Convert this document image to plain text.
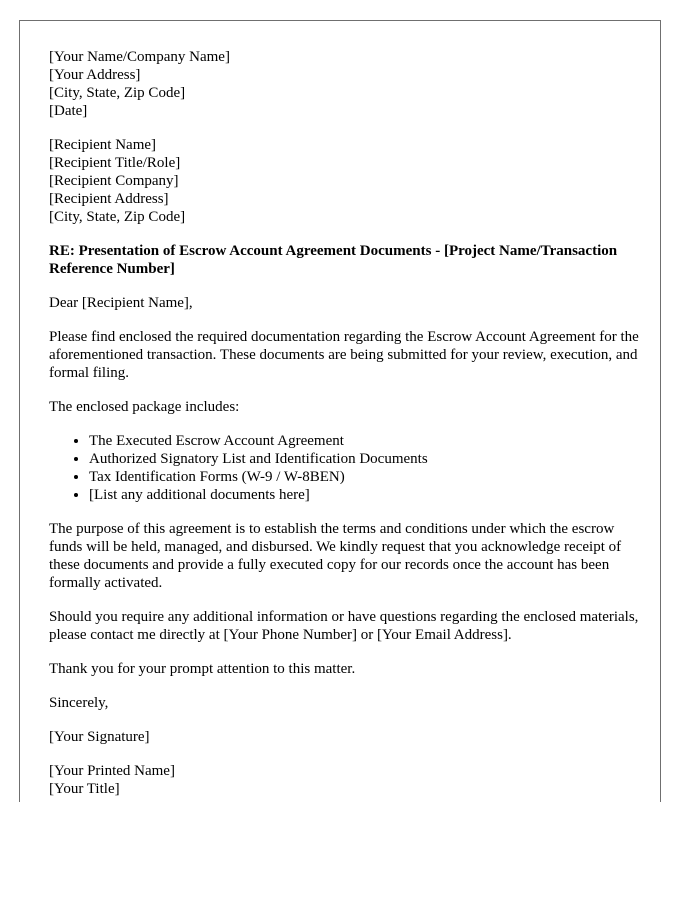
[Your Name/Company Name]
[Your Address]
[City, State, Zip Code]
[Date]
[Recipient Name]
[Recipient Title/Role]
[Recipient Company]
[Recipient Address]
[City, State, Zip Code]
RE: Presentation of Escrow Account Agreement Documents - [Project Name/Transaction Reference Number]

Dear [Recipient Name],

Please find enclosed the required documentation regarding the Escrow Account Agreement for the aforementioned transaction. These documents are being submitted for your review, execution, and formal filing.

The enclosed package includes:

• The Executed Escrow Account Agreement
• Authorized Signatory List and Identification Documents
• Tax Identification Forms (W-9 / W-8BEN)
• [List any additional documents here]

The purpose of this agreement is to establish the terms and conditions under which the escrow funds will be held, managed, and disbursed. We kindly request that you acknowledge receipt of these documents and provide a fully executed copy for our records once the account has been formally activated.

Should you require any additional information or have questions regarding the enclosed materials, please contact me directly at [Your Phone Number] or [Your Email Address].

Thank you for your prompt attention to this matter.

Sincerely,

[Your Signature]

[Your Printed Name]
[Your Title]
